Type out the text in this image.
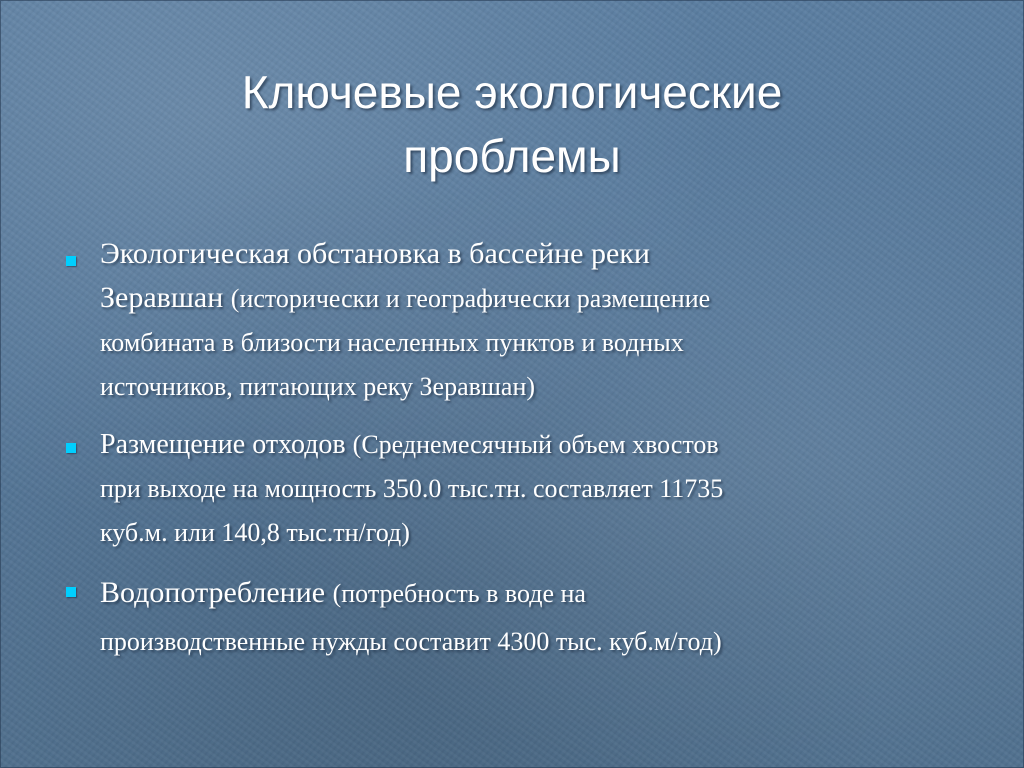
Ключевые экологические
проблемы
Экологическая обстановка в бассейне реки
Зеравшан (исторически и географически размещение
комбината в близости населенных пунктов и водных
источников, питающих реку Зеравшан)
Размещение отходов (Среднемесячный объем хвостов
при выходе на мощность 350.0 тыс.тн. составляет 11735
куб.м. или 140,8 тыс.тн/год)
Водопотребление (потребность в воде на
производственные нужды составит 4300 тыс. куб.м/год)
